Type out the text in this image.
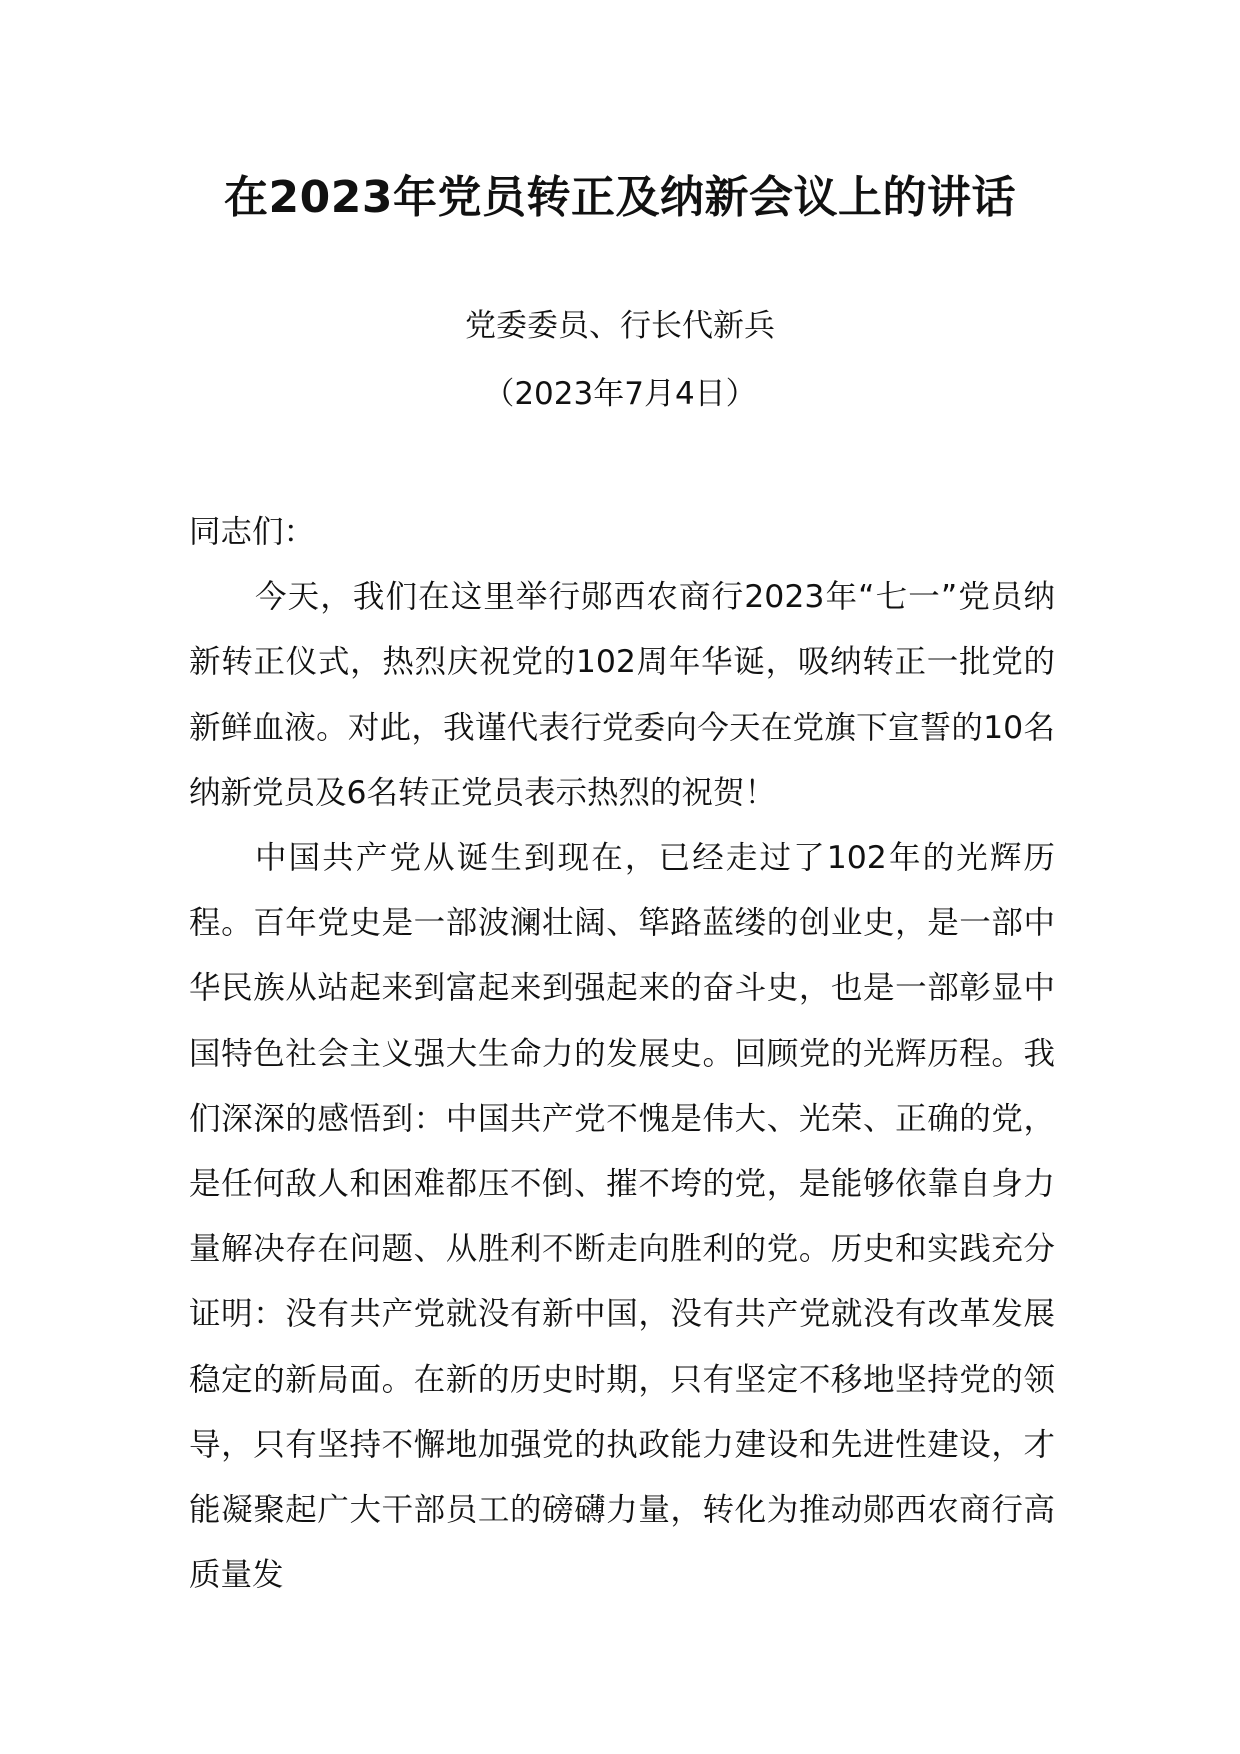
在2023年党员转正及纳新会议上的讲话
党委委员、行长代新兵
（2023年7月4日）

同志们：

今天，我们在这里举行郧西农商行2023年“七一”党员纳新转正仪式，热烈庆祝党的102周年华诞，吸纳转正一批党的新鲜血液。对此，我谨代表行党委向今天在党旗下宣誓的10名纳新党员及6名转正党员表示热烈的祝贺！

中国共产党从诞生到现在，已经走过了102年的光辉历程。百年党史是一部波澜壮阔、筚路蓝缕的创业史，是一部中华民族从站起来到富起来到强起来的奋斗史，也是一部彰显中国特色社会主义强大生命力的发展史。回顾党的光辉历程。我们深深的感悟到：中国共产党不愧是伟大、光荣、正确的党，是任何敌人和困难都压不倒、摧不垮的党，是能够依靠自身力量解决存在问题、从胜利不断走向胜利的党。历史和实践充分证明：没有共产党就没有新中国，没有共产党就没有改革发展稳定的新局面。在新的历史时期，只有坚定不移地坚持党的领导，只有坚持不懈地加强党的执政能力建设和先进性建设，才能凝聚起广大干部员工的磅礴力量，转化为推动郧西农商行高质量发
